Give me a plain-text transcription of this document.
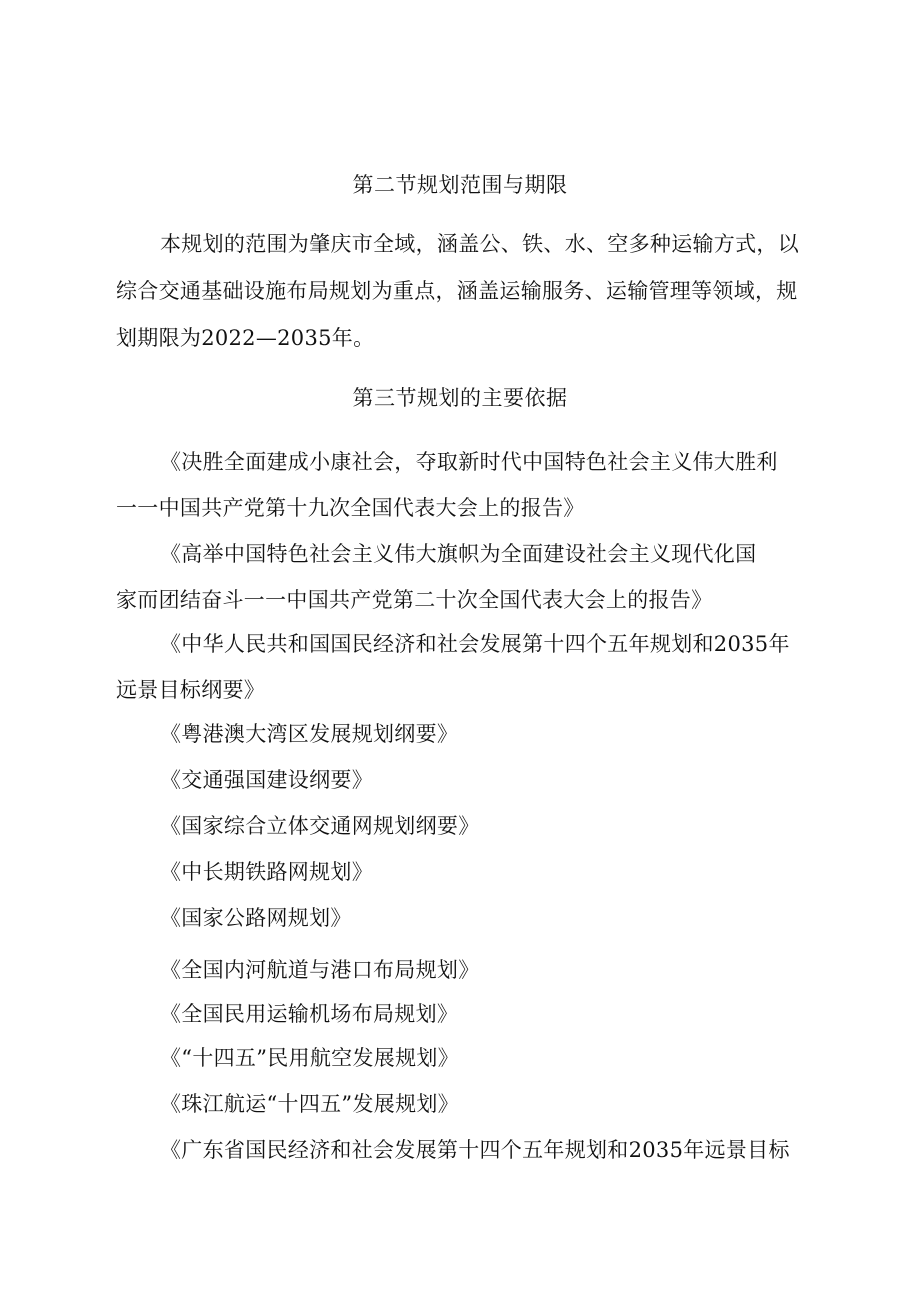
第二节规划范围与期限
本规划的范围为肇庆市全域，涵盖公、铁、水、空多种运输方式，以
综合交通基础设施布局规划为重点，涵盖运输服务、运输管理等领域，规
划期限为2022—2035年。
第三节规划的主要依据
《决胜全面建成小康社会，夺取新时代中国特色社会主义伟大胜利
一一中国共产党第十九次全国代表大会上的报告》
《高举中国特色社会主义伟大旗帜为全面建设社会主义现代化国
家而团结奋斗一一中国共产党第二十次全国代表大会上的报告》
《中华人民共和国国民经济和社会发展第十四个五年规划和2035年
远景目标纲要》
《粤港澳大湾区发展规划纲要》
《交通强国建设纲要》
《国家综合立体交通网规划纲要》
《中长期铁路网规划》
《国家公路网规划》
《全国内河航道与港口布局规划》
《全国民用运输机场布局规划》
《“十四五”民用航空发展规划》
《珠江航运“十四五”发展规划》
《广东省国民经济和社会发展第十四个五年规划和2035年远景目标
